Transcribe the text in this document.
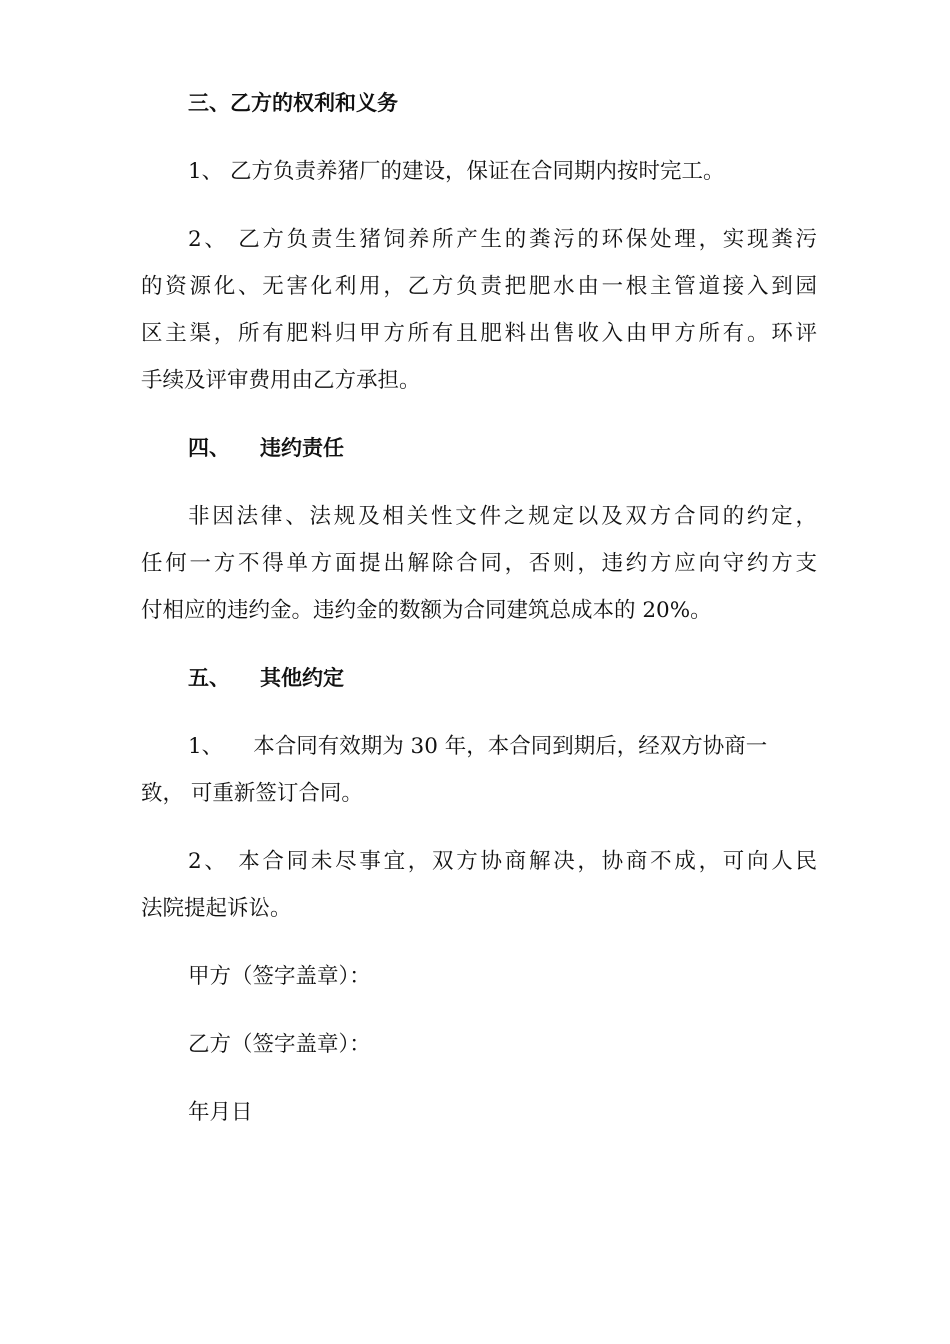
三、乙方的权利和义务

1、 乙方负责养猪厂的建设，保证在合同期内按时完工。

2、 乙方负责生猪饲养所产生的粪污的环保处理，实现粪污

的资源化、无害化利用，乙方负责把肥水由一根主管道接入到园

区主渠，所有肥料归甲方所有且肥料出售收入由甲方所有。环评

手续及评审费用由乙方承担。

四、 违约责任

非因法律、法规及相关性文件之规定以及双方合同的约定，

任何一方不得单方面提出解除合同，否则，违约方应向守约方支

付相应的违约金。违约金的数额为合同建筑总成本的 20%。

五、 其他约定

1、 本合同有效期为 30 年，本合同到期后，经双方协商一

致， 可重新签订合同。

2、 本合同未尽事宜，双方协商解决，协商不成，可向人民

法院提起诉讼。

甲方（签字盖章）：

乙方（签字盖章）：

年月日
